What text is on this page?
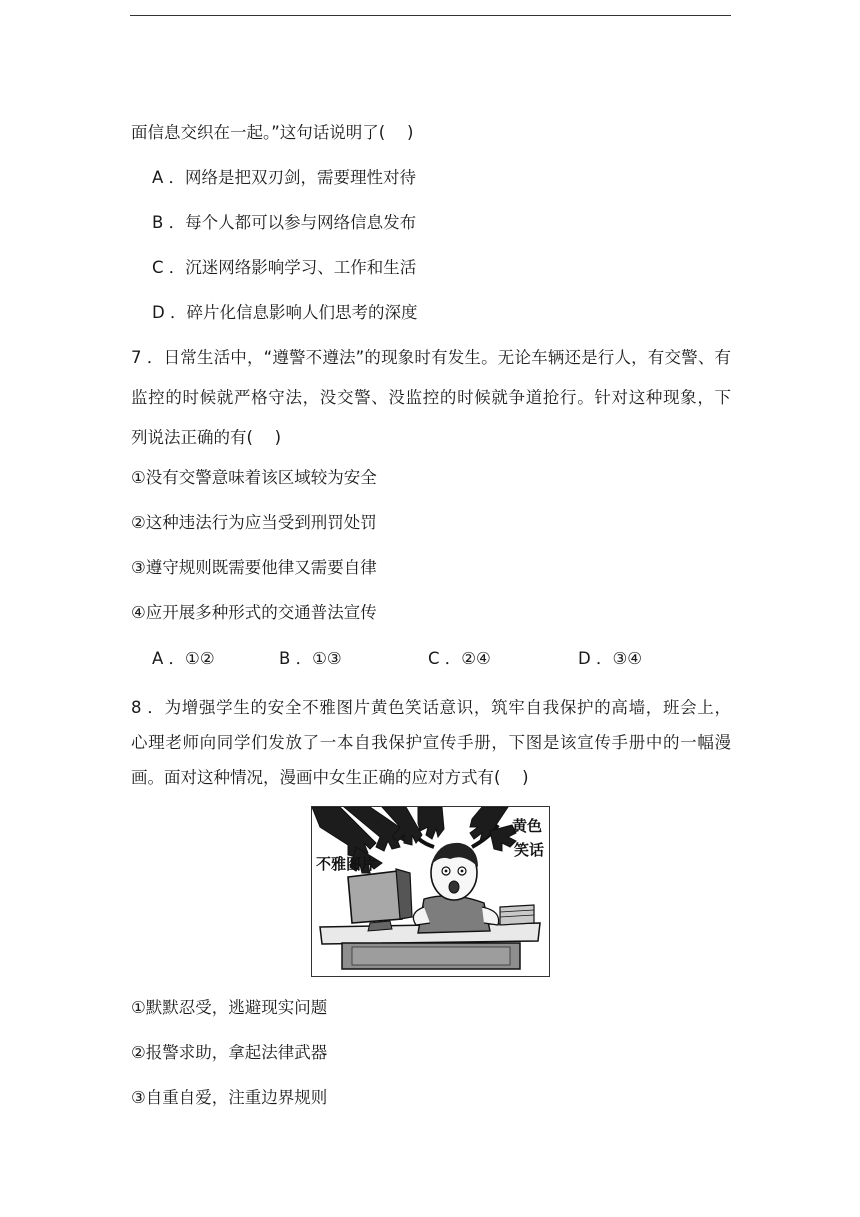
面信息交织在一起。”这句话说明了(　 )
A ．网络是把双刃剑，需要理性对待
B ．每个人都可以参与网络信息发布
C ．沉迷网络影响学习、工作和生活
D ．碎片化信息影响人们思考的深度
7 ．日常生活中，“遵警不遵法”的现象时有发生。无论车辆还是行人，有交警、有
监控的时候就严格守法，没交警、没监控的时候就争道抢行。针对这种现象，下
列说法正确的有(　 )
①没有交警意味着该区域较为安全
②这种违法行为应当受到刑罚处罚
③遵守规则既需要他律又需要自律
④应开展多种形式的交通普法宣传
A ．①②	B ．①③	C ．②④	D ．③④
8 ．为增强学生的安全不雅图片黄色笑话意识，筑牢自我保护的高墙，班会上，
心理老师向同学们发放了一本自我保护宣传手册，下图是该宣传手册中的一幅漫
画。面对这种情况，漫画中女生正确的应对方式有(　 )
不雅图片
黄色
笑话
①默默忍受，逃避现实问题
②报警求助，拿起法律武器
③自重自爱，注重边界规则
